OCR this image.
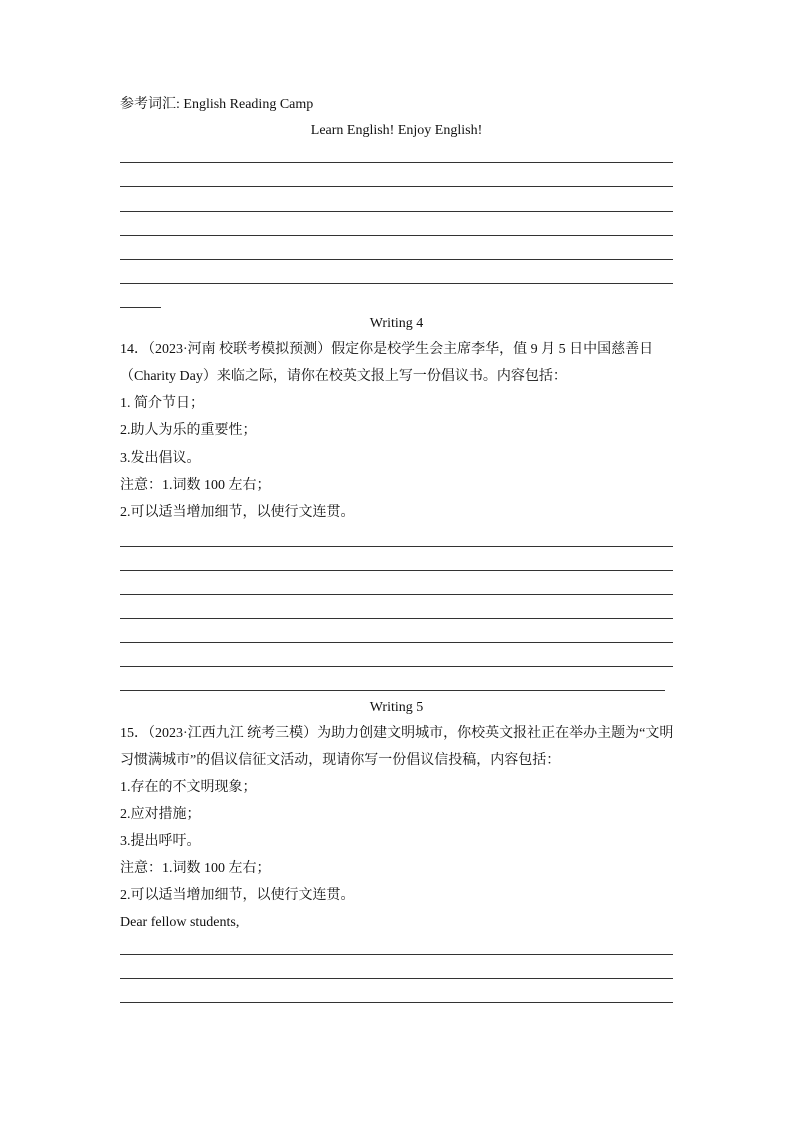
参考词汇: English Reading Camp
Learn English! Enjoy English!
Writing 4
14．（2023·河南 校联考模拟预测）假定你是校学生会主席李华，值 9 月 5 日中国慈善日
（Charity Day）来临之际，请你在校英文报上写一份倡议书。内容包括：
1. 简介节日；
2.助人为乐的重要性；
3.发出倡议。
注意：1.词数 100 左右；
2.可以适当增加细节，以使行文连贯。
Writing 5
15．（2023·江西九江 统考三模）为助力创建文明城市，你校英文报社正在举办主题为“文明
习惯满城市”的倡议信征文活动，现请你写一份倡议信投稿，内容包括：
1.存在的不文明现象；
2.应对措施；
3.提出呼吁。
注意：1.词数 100 左右；
2.可以适当增加细节，以使行文连贯。
Dear fellow students,
